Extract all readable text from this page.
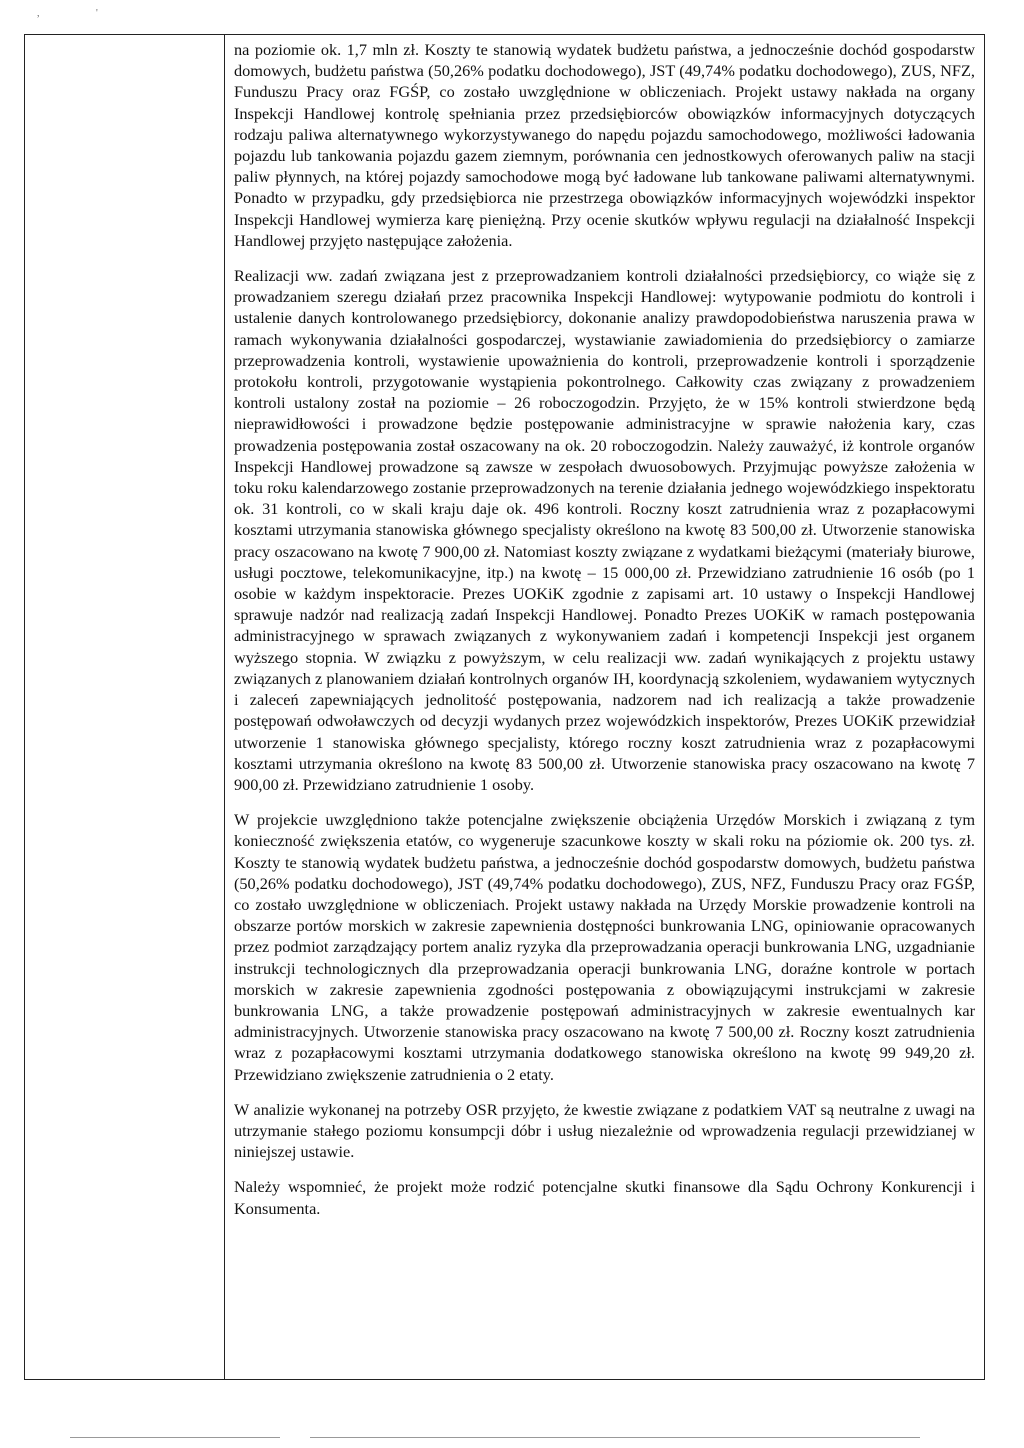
,	'

na poziomie ok. 1,7 mln zł. Koszty te stanowią wydatek budżetu państwa, a jednocześnie dochód gospodarstw domowych, budżetu państwa (50,26% podatku dochodowego), JST (49,74% podatku dochodowego), ZUS, NFZ, Funduszu Pracy oraz FGŚP, co zostało uwzględnione w obliczeniach. Projekt ustawy nakłada na organy Inspekcji Handlowej kontrolę spełniania przez przedsiębiorców obowiązków informacyjnych dotyczących rodzaju paliwa alternatywnego wykorzystywanego do napędu pojazdu samochodowego, możliwości ładowania pojazdu lub tankowania pojazdu gazem ziemnym, porównania cen jednostkowych oferowanych paliw na stacji paliw płynnych, na której pojazdy samochodowe mogą być ładowane lub tankowane paliwami alternatywnymi. Ponadto w przypadku, gdy przedsiębiorca nie przestrzega obowiązków informacyjnych wojewódzki inspektor Inspekcji Handlowej wymierza karę pieniężną. Przy ocenie skutków wpływu regulacji na działalność Inspekcji Handlowej przyjęto następujące założenia.

Realizacji ww. zadań związana jest z przeprowadzaniem kontroli działalności przedsiębiorcy, co wiąże się z prowadzaniem szeregu działań przez pracownika Inspekcji Handlowej: wytypowanie podmiotu do kontroli i ustalenie danych kontrolowanego przedsiębiorcy, dokonanie analizy prawdopodobieństwa naruszenia prawa w ramach wykonywania działalności gospodarczej, wystawianie zawiadomienia do przedsiębiorcy o zamiarze przeprowadzenia kontroli, wystawienie upoważnienia do kontroli, przeprowadzenie kontroli i sporządzenie protokołu kontroli, przygotowanie wystąpienia pokontrolnego. Całkowity czas związany z prowadzeniem kontroli ustalony został na poziomie – 26 roboczogodzin. Przyjęto, że w 15% kontroli stwierdzone będą nieprawidłowości i prowadzone będzie postępowanie administracyjne w sprawie nałożenia kary, czas prowadzenia postępowania został oszacowany na ok. 20 roboczogodzin. Należy zauważyć, iż kontrole organów Inspekcji Handlowej prowadzone są zawsze w zespołach dwuosobowych. Przyjmując powyższe założenia w toku roku kalendarzowego zostanie przeprowadzonych na terenie działania jednego wojewódzkiego inspektoratu ok. 31 kontroli, co w skali kraju daje ok. 496 kontroli. Roczny koszt zatrudnienia wraz z pozapłacowymi kosztami utrzymania stanowiska głównego specjalisty określono na kwotę 83 500,00 zł. Utworzenie stanowiska pracy oszacowano na kwotę 7 900,00 zł. Natomiast koszty związane z wydatkami bieżącymi (materiały biurowe, usługi pocztowe, telekomunikacyjne, itp.) na kwotę – 15 000,00 zł. Przewidziano zatrudnienie 16 osób (po 1 osobie w każdym inspektoracie. Prezes UOKiK zgodnie z zapisami art. 10 ustawy o Inspekcji Handlowej sprawuje nadzór nad realizacją zadań Inspekcji Handlowej. Ponadto Prezes UOKiK w ramach postępowania administracyjnego w sprawach związanych z wykonywaniem zadań i kompetencji Inspekcji jest organem wyższego stopnia. W związku z powyższym, w celu realizacji ww. zadań wynikających z projektu ustawy związanych z planowaniem działań kontrolnych organów IH, koordynacją szkoleniem, wydawaniem wytycznych i zaleceń zapewniających jednolitość postępowania, nadzorem nad ich realizacją a także prowadzenie postępowań odwoławczych od decyzji wydanych przez wojewódzkich inspektorów, Prezes UOKiK przewidział utworzenie 1 stanowiska głównego specjalisty, którego roczny koszt zatrudnienia wraz z pozapłacowymi kosztami utrzymania określono na kwotę 83 500,00 zł. Utworzenie stanowiska pracy oszacowano na kwotę 7 900,00 zł. Przewidziano zatrudnienie 1 osoby.

W projekcie uwzględniono także potencjalne zwiększenie obciążenia Urzędów Morskich i związaną z tym konieczność zwiększenia etatów, co wygeneruje szacunkowe koszty w skali roku na póziomie ok. 200 tys. zł. Koszty te stanowią wydatek budżetu państwa, a jednocześnie dochód gospodarstw domowych, budżetu państwa (50,26% podatku dochodowego), JST (49,74% podatku dochodowego), ZUS, NFZ, Funduszu Pracy oraz FGŚP, co zostało uwzględnione w obliczeniach. Projekt ustawy nakłada na Urzędy Morskie prowadzenie kontroli na obszarze portów morskich w zakresie zapewnienia dostępności bunkrowania LNG, opiniowanie opracowanych przez podmiot zarządzający portem analiz ryzyka dla przeprowadzania operacji bunkrowania LNG, uzgadnianie instrukcji technologicznych dla przeprowadzania operacji bunkrowania LNG, doraźne kontrole w portach morskich w zakresie zapewnienia zgodności postępowania z obowiązującymi instrukcjami w zakresie bunkrowania LNG, a także prowadzenie postępowań administracyjnych w zakresie ewentualnych kar administracyjnych. Utworzenie stanowiska pracy oszacowano na kwotę 7 500,00 zł. Roczny koszt zatrudnienia wraz z pozapłacowymi kosztami utrzymania dodatkowego stanowiska określono na kwotę 99 949,20 zł. Przewidziano zwiększenie zatrudnienia o 2 etaty.

W analizie wykonanej na potrzeby OSR przyjęto, że kwestie związane z podatkiem VAT są neutralne z uwagi na utrzymanie stałego poziomu konsumpcji dóbr i usług niezależnie od wprowadzenia regulacji przewidzianej w niniejszej ustawie.

Należy wspomnieć, że projekt może rodzić potencjalne skutki finansowe dla Sądu Ochrony Konkurencji i Konsumenta.
